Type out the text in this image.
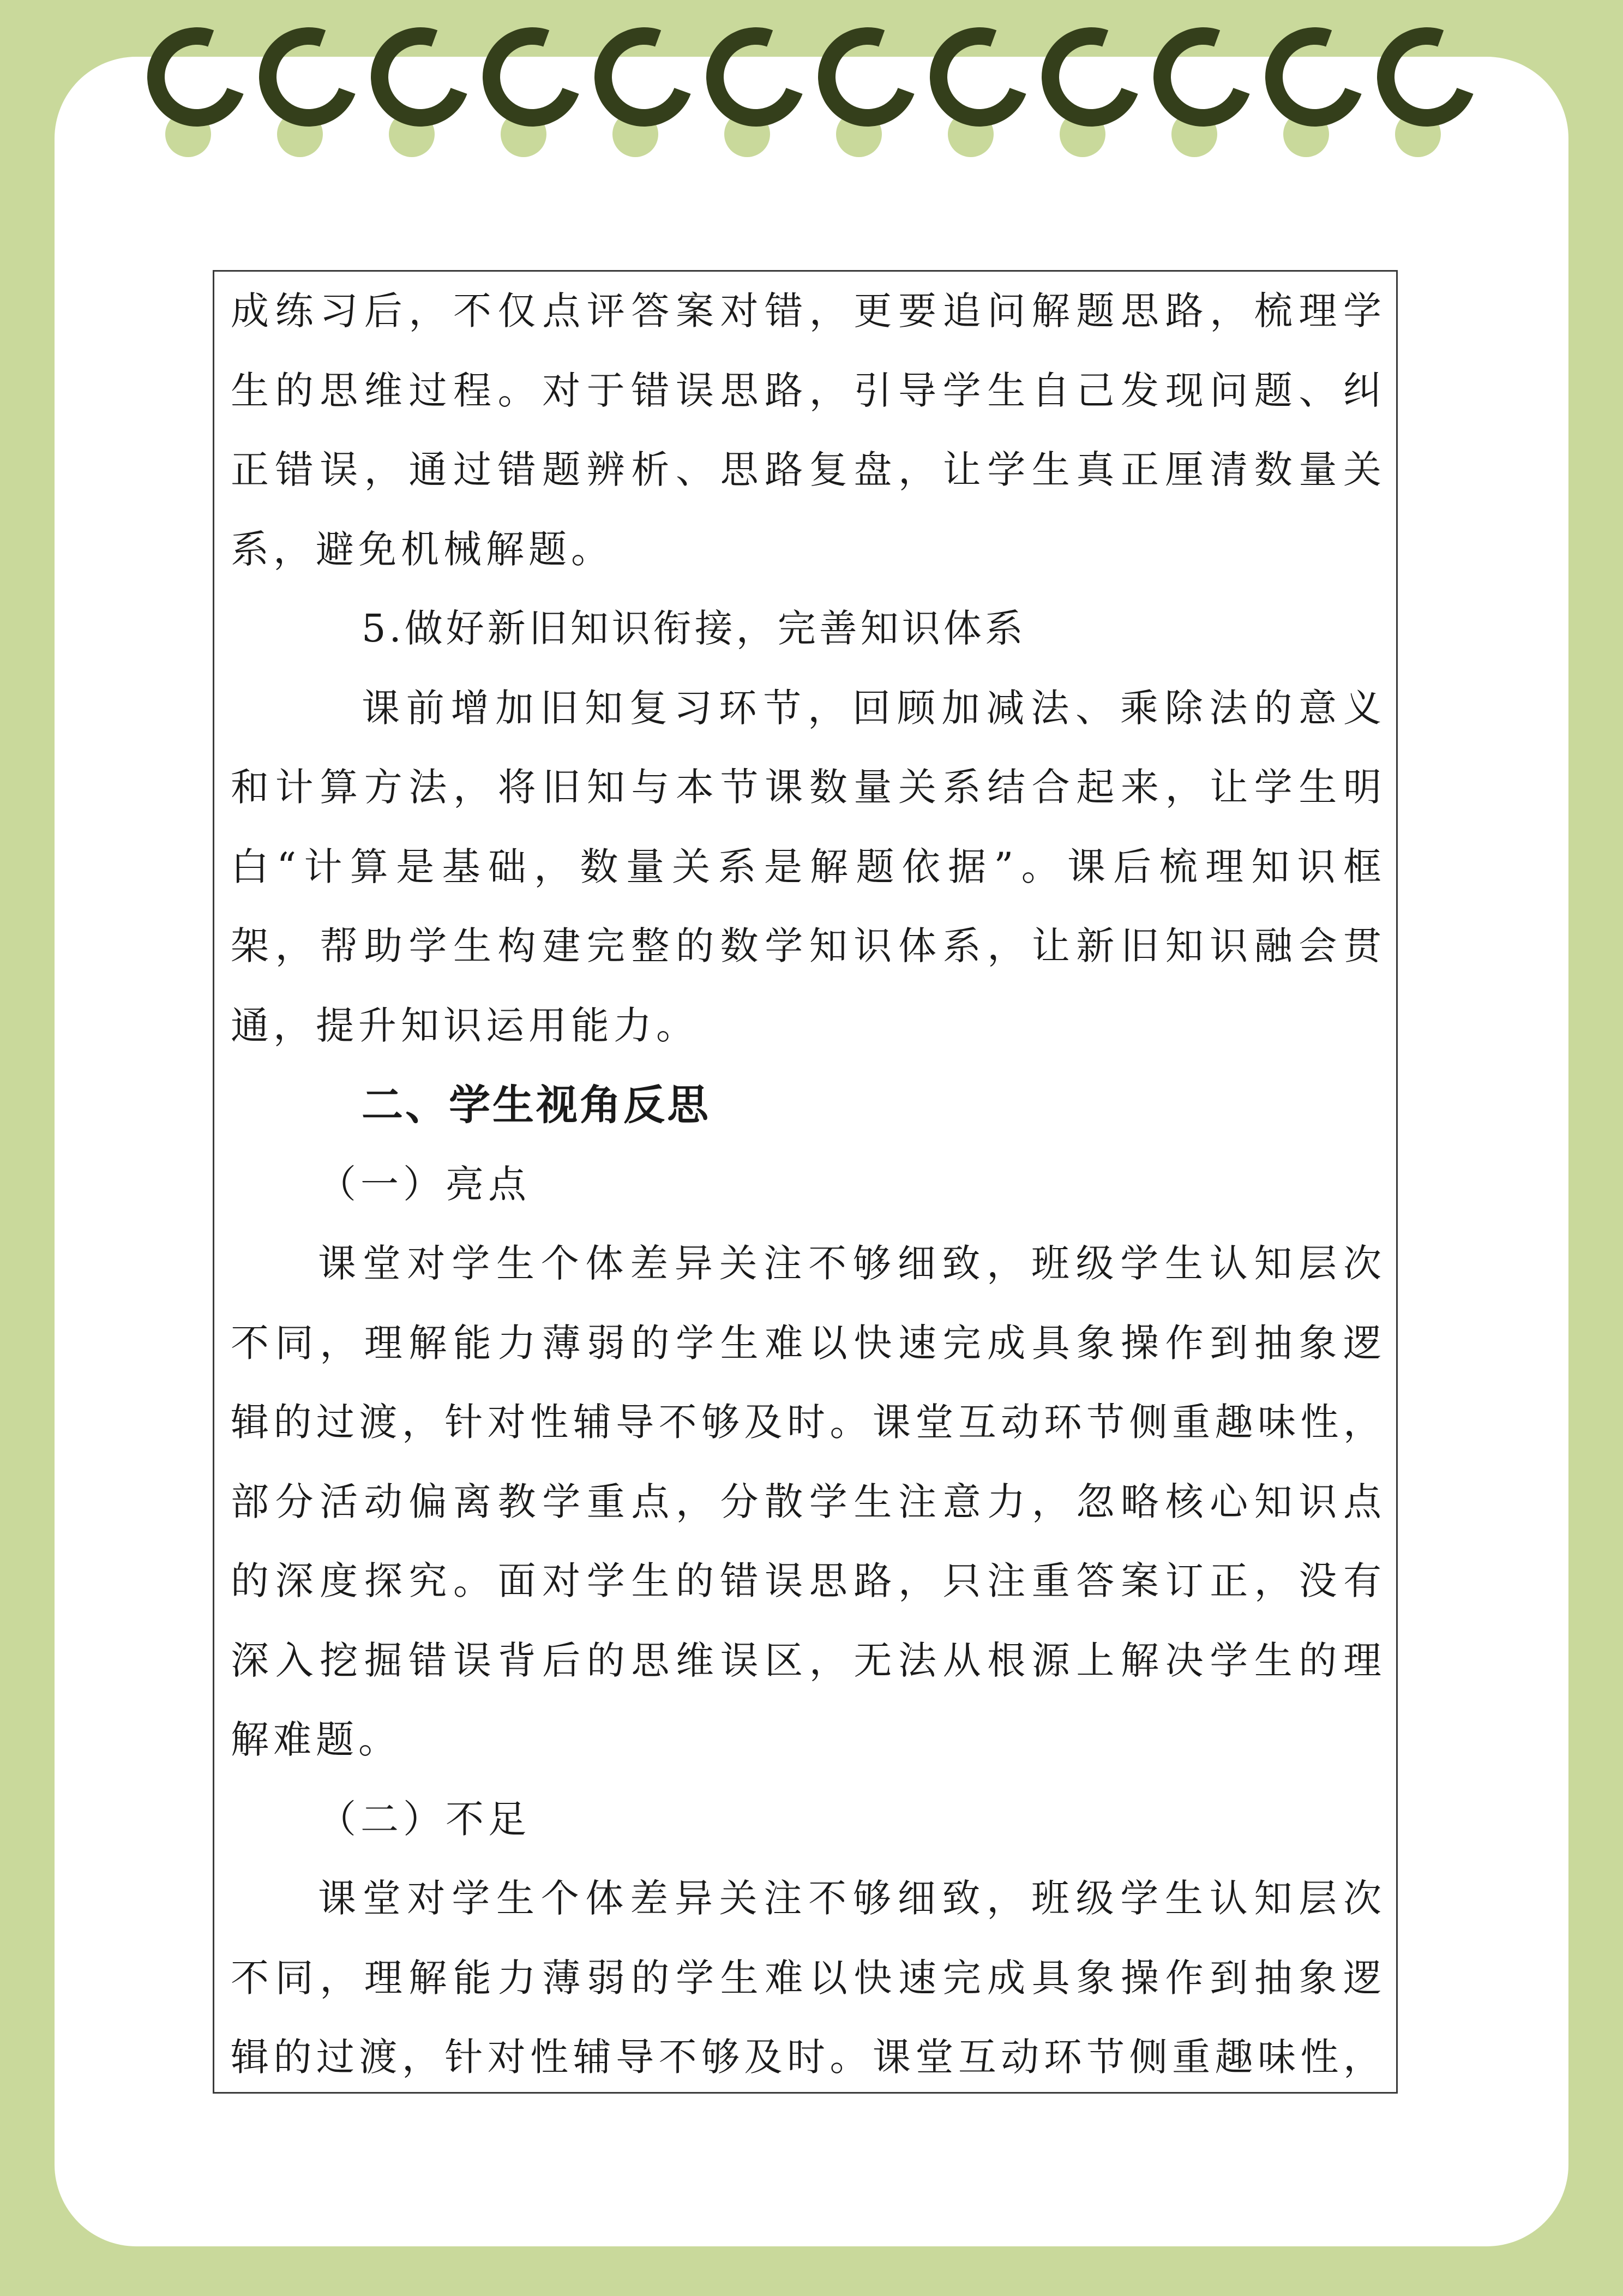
成练习后，不仅点评答案对错，更要追问解题思路，梳理学
生的思维过程。对于错误思路，引导学生自己发现问题、纠
正错误，通过错题辨析、思路复盘，让学生真正厘清数量关
系，避免机械解题。
5.做好新旧知识衔接，完善知识体系
课前增加旧知复习环节，回顾加减法、乘除法的意义
和计算方法，将旧知与本节课数量关系结合起来，让学生明
白“计算是基础，数量关系是解题依据”。课后梳理知识框
架，帮助学生构建完整的数学知识体系，让新旧知识融会贯
通，提升知识运用能力。
二、学生视角反思
（一）亮点
课堂对学生个体差异关注不够细致，班级学生认知层次
不同，理解能力薄弱的学生难以快速完成具象操作到抽象逻
辑的过渡，针对性辅导不够及时。课堂互动环节侧重趣味性，
部分活动偏离教学重点，分散学生注意力，忽略核心知识点
的深度探究。面对学生的错误思路，只注重答案订正，没有
深入挖掘错误背后的思维误区，无法从根源上解决学生的理
解难题。
（二）不足
课堂对学生个体差异关注不够细致，班级学生认知层次
不同，理解能力薄弱的学生难以快速完成具象操作到抽象逻
辑的过渡，针对性辅导不够及时。课堂互动环节侧重趣味性，
